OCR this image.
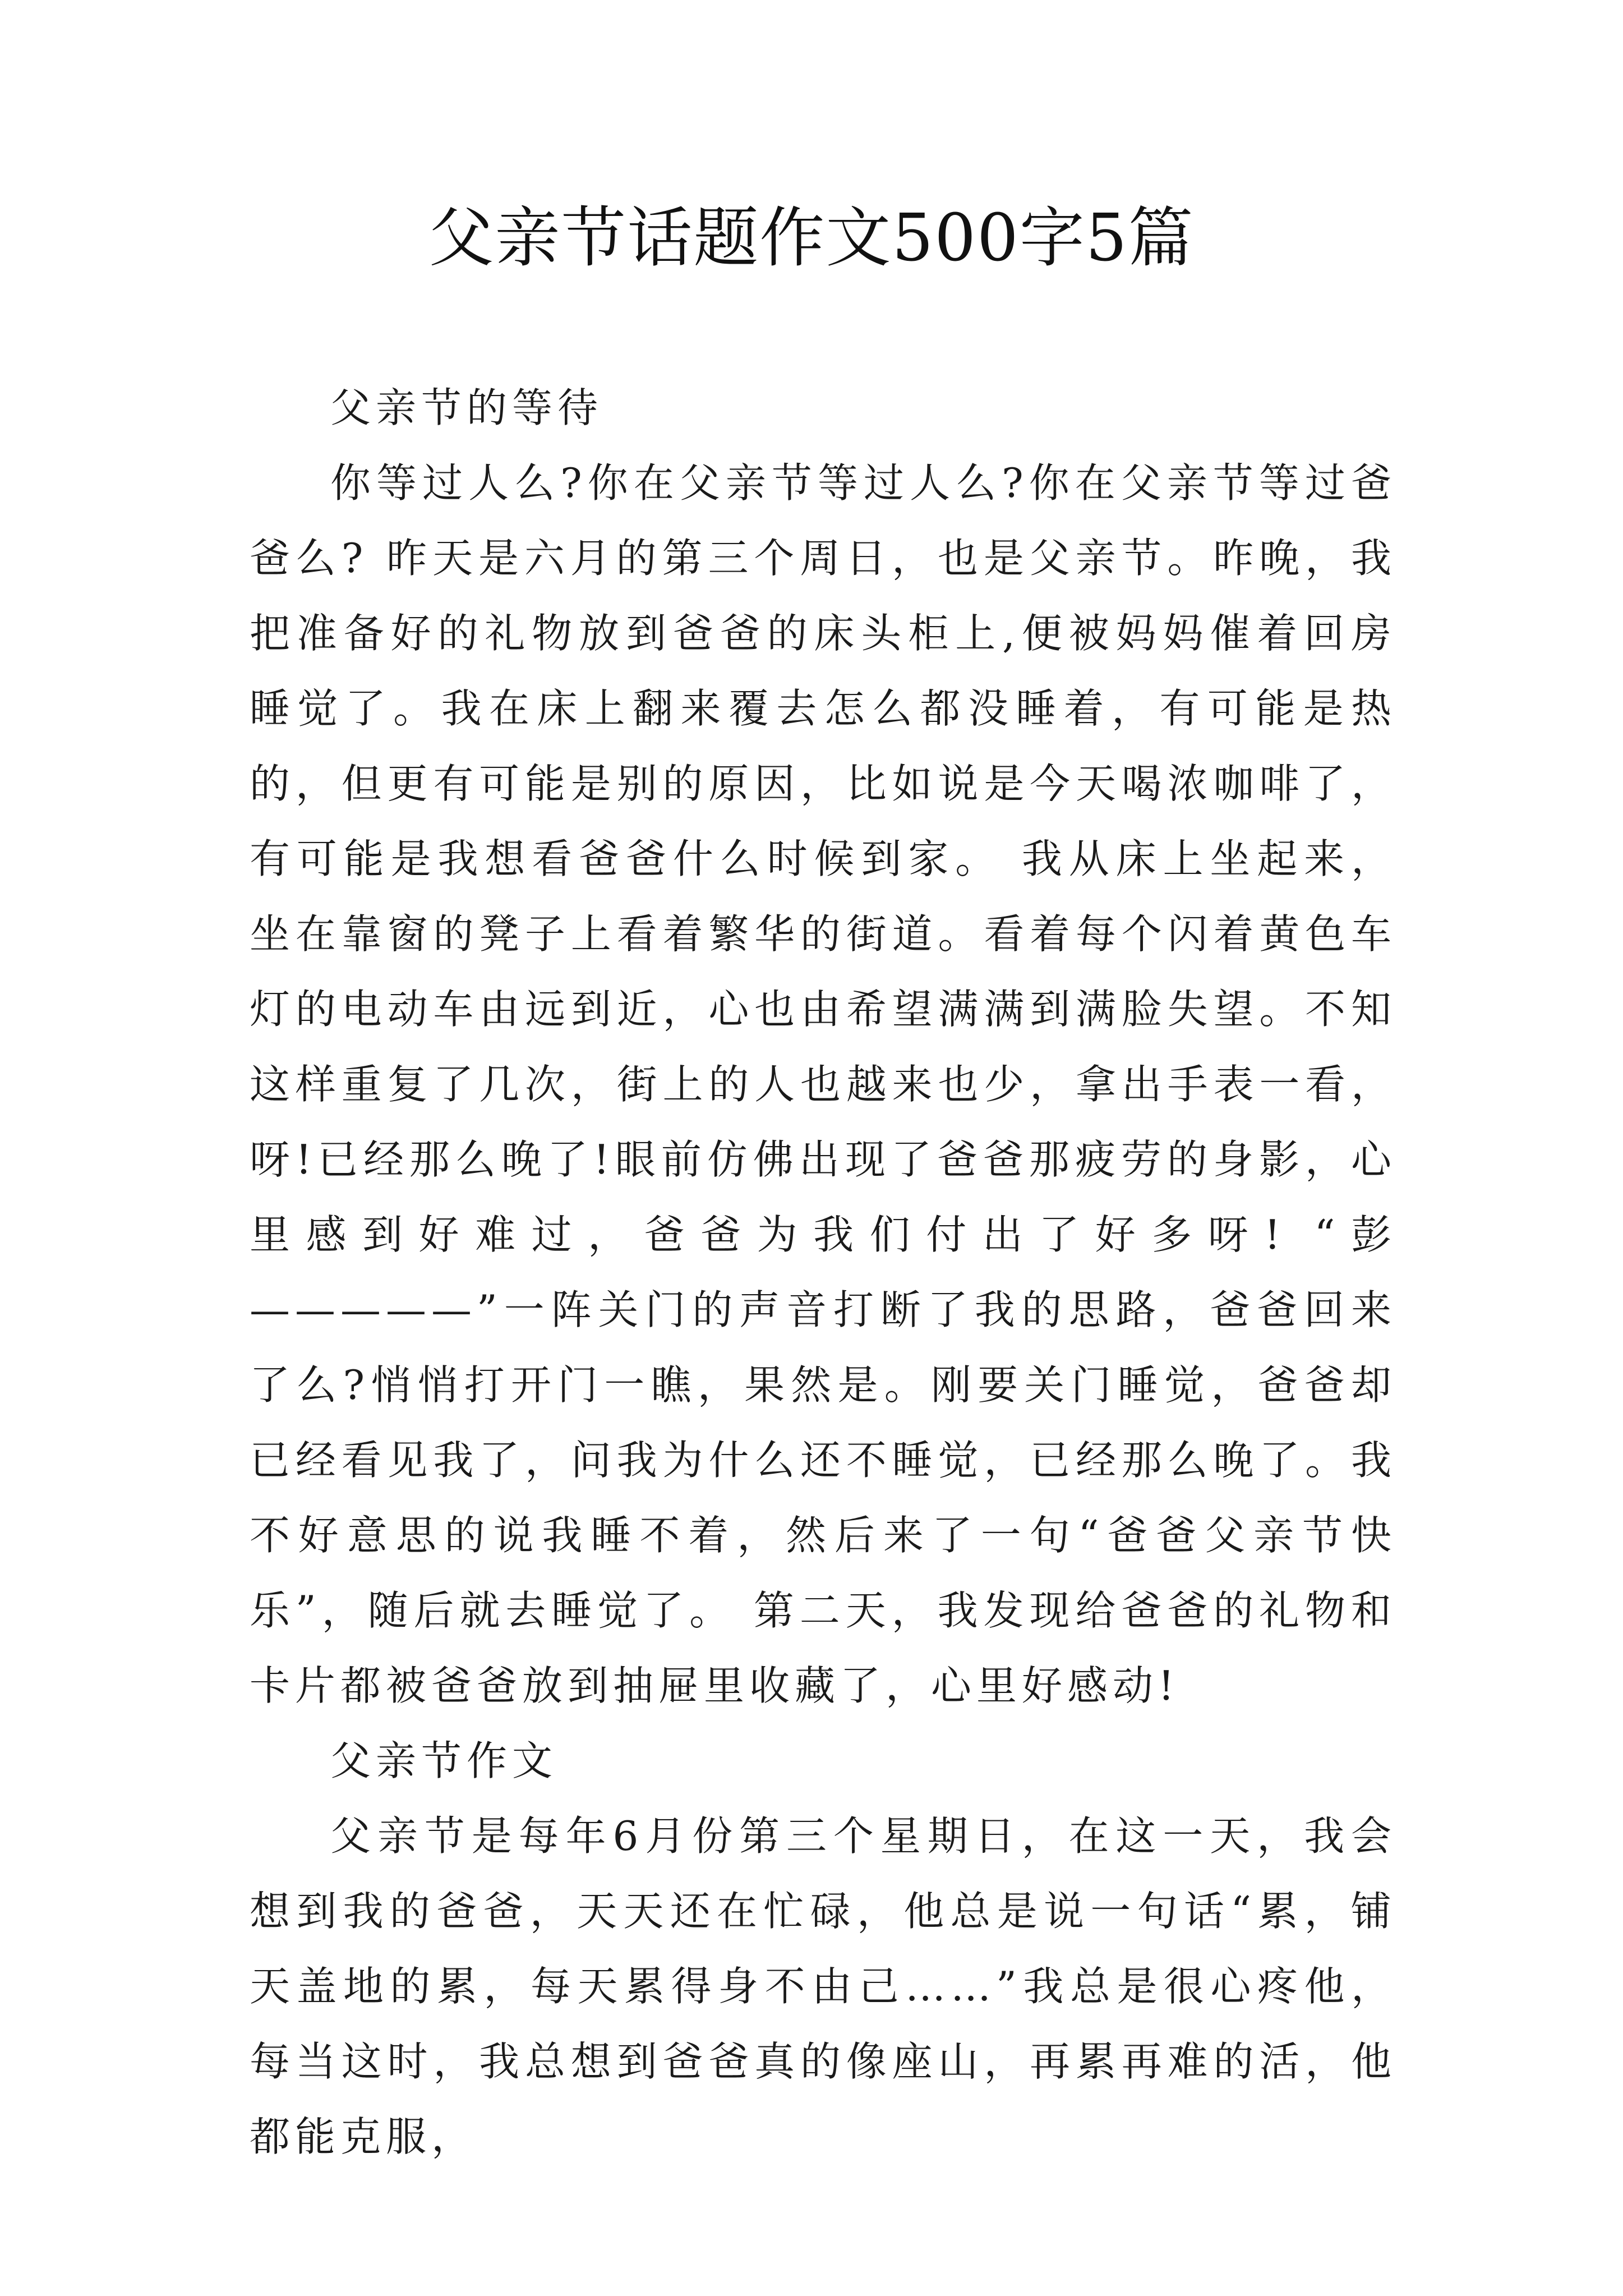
父亲节话题作文500字5篇

父亲节的等待

你等过人么?你在父亲节等过人么?你在父亲节等过爸爸么? 昨天是六月的第三个周日，也是父亲节。昨晚，我把准备好的礼物放到爸爸的床头柜上,便被妈妈催着回房睡觉了。我在床上翻来覆去怎么都没睡着，有可能是热的，但更有可能是别的原因，比如说是今天喝浓咖啡了，有可能是我想看爸爸什么时候到家。 我从床上坐起来，坐在靠窗的凳子上看着繁华的街道。看着每个闪着黄色车灯的电动车由远到近，心也由希望满满到满脸失望。不知这样重复了几次，街上的人也越来也少，拿出手表一看，呀!已经那么晚了!眼前仿佛出现了爸爸那疲劳的身影，心里感到好难过，爸爸为我们付出了好多呀! “彭—————”一阵关门的声音打断了我的思路，爸爸回来了么?悄悄打开门一瞧，果然是。刚要关门睡觉，爸爸却已经看见我了，问我为什么还不睡觉，已经那么晚了。我不好意思的说我睡不着，然后来了一句“爸爸父亲节快乐”，随后就去睡觉了。 第二天，我发现给爸爸的礼物和卡片都被爸爸放到抽屉里收藏了，心里好感动!

父亲节作文

父亲节是每年6月份第三个星期日，在这一天，我会想到我的爸爸，天天还在忙碌，他总是说一句话“累，铺天盖地的累，每天累得身不由己……”我总是很心疼他，每当这时，我总想到爸爸真的像座山，再累再难的活，他都能克服，
